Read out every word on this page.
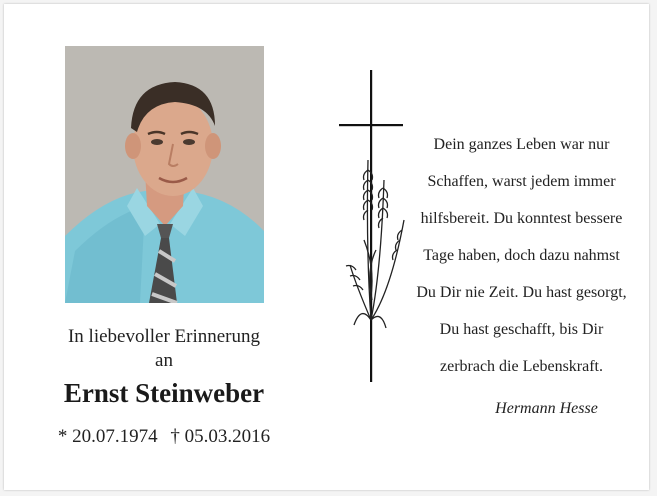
In liebevoller Erinnerung
an
Ernst Steinweber
* 20.07.1974 † 05.03.2016
Dein ganzes Leben war nur
Schaffen, warst jedem immer
hilfsbereit. Du konntest bessere
Tage haben, doch dazu nahmst
Du Dir nie Zeit. Du hast gesorgt,
Du hast geschafft, bis Dir
zerbrach die Lebenskraft.
Hermann Hesse
